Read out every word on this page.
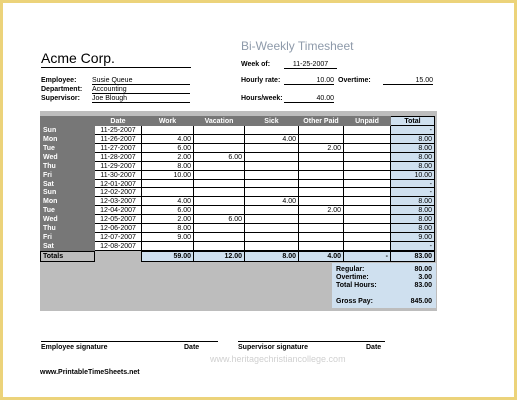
Acme Corp.
Bi-Weekly Timesheet
Week of:	11-25-2007
Employee: Susie Queue
Department: Accounting
Supervisor: Joe Blough
Hourly rate:	10.00 Overtime:	15.00
Hours/week:	40.00
	Date	Work	Vacation	Sick	Other Paid	Unpaid	Total
Sun	11-25-2007						-
Mon	11-26-2007	4.00		4.00			8.00
Tue	11-27-2007	6.00			2.00		8.00
Wed	11-28-2007	2.00	6.00				8.00
Thu	11-29-2007	8.00					8.00
Fri	11-30-2007	10.00					10.00
Sat	12-01-2007						-
Sun	12-02-2007						-
Mon	12-03-2007	4.00		4.00			8.00
Tue	12-04-2007	6.00			2.00		8.00
Wed	12-05-2007	2.00	6.00				8.00
Thu	12-06-2007	8.00					8.00
Fri	12-07-2007	9.00					9.00
Sat	12-08-2007						-
Totals		59.00	12.00	8.00	4.00	-	83.00
Regular:	80.00
Overtime:	3.00
Total Hours:	83.00
Gross Pay:	845.00
Employee signature	Date	Supervisor signature	Date
www.heritagechristiancollege.com
www.PrintableTimeSheets.net
